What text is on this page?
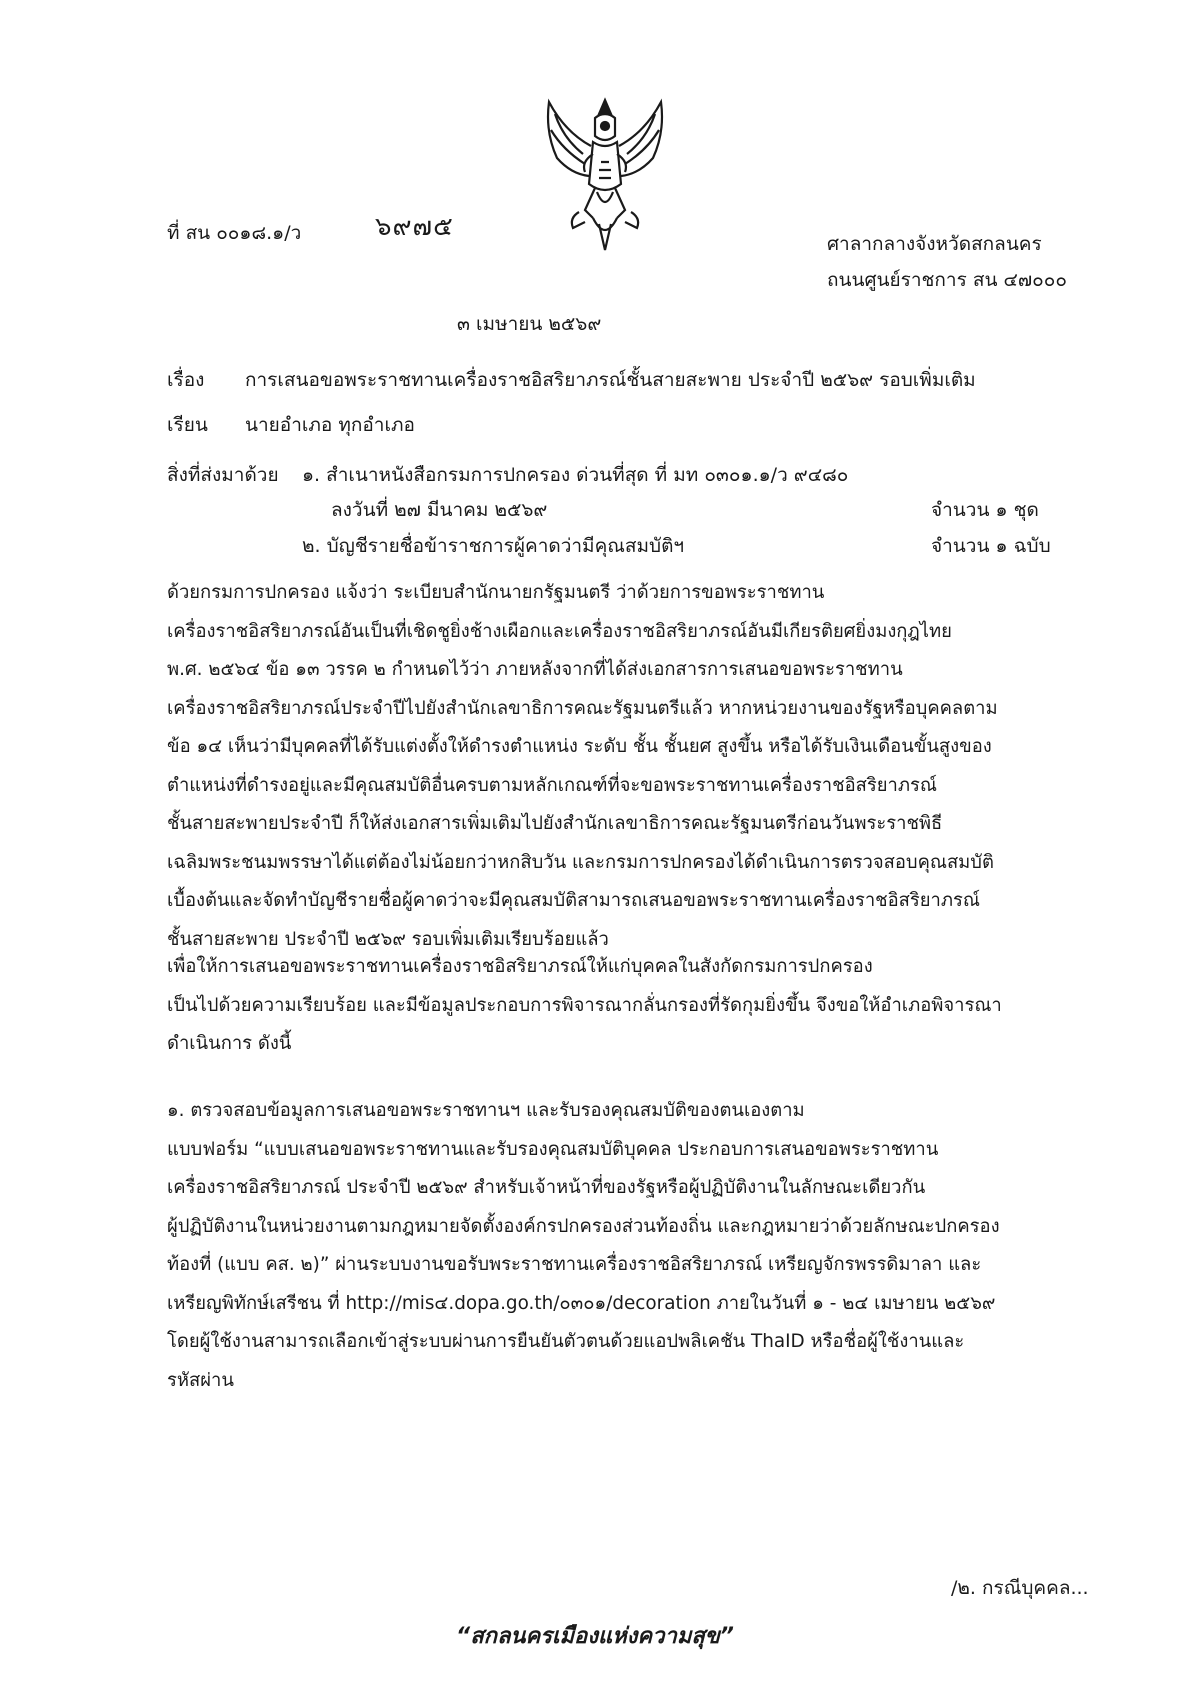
ที่ สน ๐๐๑๘.๑/ว	๖๙๗๕
ศาลากลางจังหวัดสกลนคร
ถนนศูนย์ราชการ สน ๔๗๐๐๐
๓ เมษายน ๒๕๖๙
เรื่อง การเสนอขอพระราชทานเครื่องราชอิสริยาภรณ์ชั้นสายสะพาย ประจำปี ๒๕๖๙ รอบเพิ่มเติม
เรียน นายอำเภอ ทุกอำเภอ
สิ่งที่ส่งมาด้วย ๑. สำเนาหนังสือกรมการปกครอง ด่วนที่สุด ที่ มท ๐๓๐๑.๑/ว ๙๔๘๐
ลงวันที่ ๒๗ มีนาคม ๒๕๖๙	จำนวน ๑ ชุด
๒. บัญชีรายชื่อข้าราชการผู้คาดว่ามีคุณสมบัติฯ	จำนวน ๑ ฉบับ

ด้วยกรมการปกครอง แจ้งว่า ระเบียบสำนักนายกรัฐมนตรี ว่าด้วยการขอพระราชทาน

เครื่องราชอิสริยาภรณ์อันเป็นที่เชิดชูยิ่งช้างเผือกและเครื่องราชอิสริยาภรณ์อันมีเกียรติยศยิ่งมงกุฎไทย

พ.ศ. ๒๕๖๔ ข้อ ๑๓ วรรค ๒ กำหนดไว้ว่า ภายหลังจากที่ได้ส่งเอกสารการเสนอขอพระราชทาน

เครื่องราชอิสริยาภรณ์ประจำปีไปยังสำนักเลขาธิการคณะรัฐมนตรีแล้ว หากหน่วยงานของรัฐหรือบุคคลตาม

ข้อ ๑๔ เห็นว่ามีบุคคลที่ได้รับแต่งตั้งให้ดำรงตำแหน่ง ระดับ ชั้น ชั้นยศ สูงขึ้น หรือได้รับเงินเดือนขั้นสูงของ

ตำแหน่งที่ดำรงอยู่และมีคุณสมบัติอื่นครบตามหลักเกณฑ์ที่จะขอพระราชทานเครื่องราชอิสริยาภรณ์

ชั้นสายสะพายประจำปี ก็ให้ส่งเอกสารเพิ่มเติมไปยังสำนักเลขาธิการคณะรัฐมนตรีก่อนวันพระราชพิธี

เฉลิมพระชนมพรรษาได้แต่ต้องไม่น้อยกว่าหกสิบวัน และกรมการปกครองได้ดำเนินการตรวจสอบคุณสมบัติ

เบื้องต้นและจัดทำบัญชีรายชื่อผู้คาดว่าจะมีคุณสมบัติสามารถเสนอขอพระราชทานเครื่องราชอิสริยาภรณ์

ชั้นสายสะพาย ประจำปี ๒๕๖๙ รอบเพิ่มเติมเรียบร้อยแล้ว

เพื่อให้การเสนอขอพระราชทานเครื่องราชอิสริยาภรณ์ให้แก่บุคคลในสังกัดกรมการปกครอง

เป็นไปด้วยความเรียบร้อย และมีข้อมูลประกอบการพิจารณากลั่นกรองที่รัดกุมยิ่งขึ้น จึงขอให้อำเภอพิจารณา

ดำเนินการ ดังนี้

๑. ตรวจสอบข้อมูลการเสนอขอพระราชทานฯ และรับรองคุณสมบัติของตนเองตาม

แบบฟอร์ม “แบบเสนอขอพระราชทานและรับรองคุณสมบัติบุคคล ประกอบการเสนอขอพระราชทาน

เครื่องราชอิสริยาภรณ์ ประจำปี ๒๕๖๙ สำหรับเจ้าหน้าที่ของรัฐหรือผู้ปฏิบัติงานในลักษณะเดียวกัน

ผู้ปฏิบัติงานในหน่วยงานตามกฎหมายจัดตั้งองค์กรปกครองส่วนท้องถิ่น และกฎหมายว่าด้วยลักษณะปกครอง

ท้องที่ (แบบ คส. ๒)” ผ่านระบบงานขอรับพระราชทานเครื่องราชอิสริยาภรณ์ เหรียญจักรพรรดิมาลา และ

เหรียญพิทักษ์เสรีชน ที่ http://mis๔.dopa.go.th/๐๓๐๑/decoration ภายในวันที่ ๑ - ๒๔ เมษายน ๒๕๖๙

โดยผู้ใช้งานสามารถเลือกเข้าสู่ระบบผ่านการยืนยันตัวตนด้วยแอปพลิเคชัน ThaID หรือชื่อผู้ใช้งานและ

รหัสผ่าน

/๒. กรณีบุคคล...
“สกลนครเมืองแห่งความสุข”
